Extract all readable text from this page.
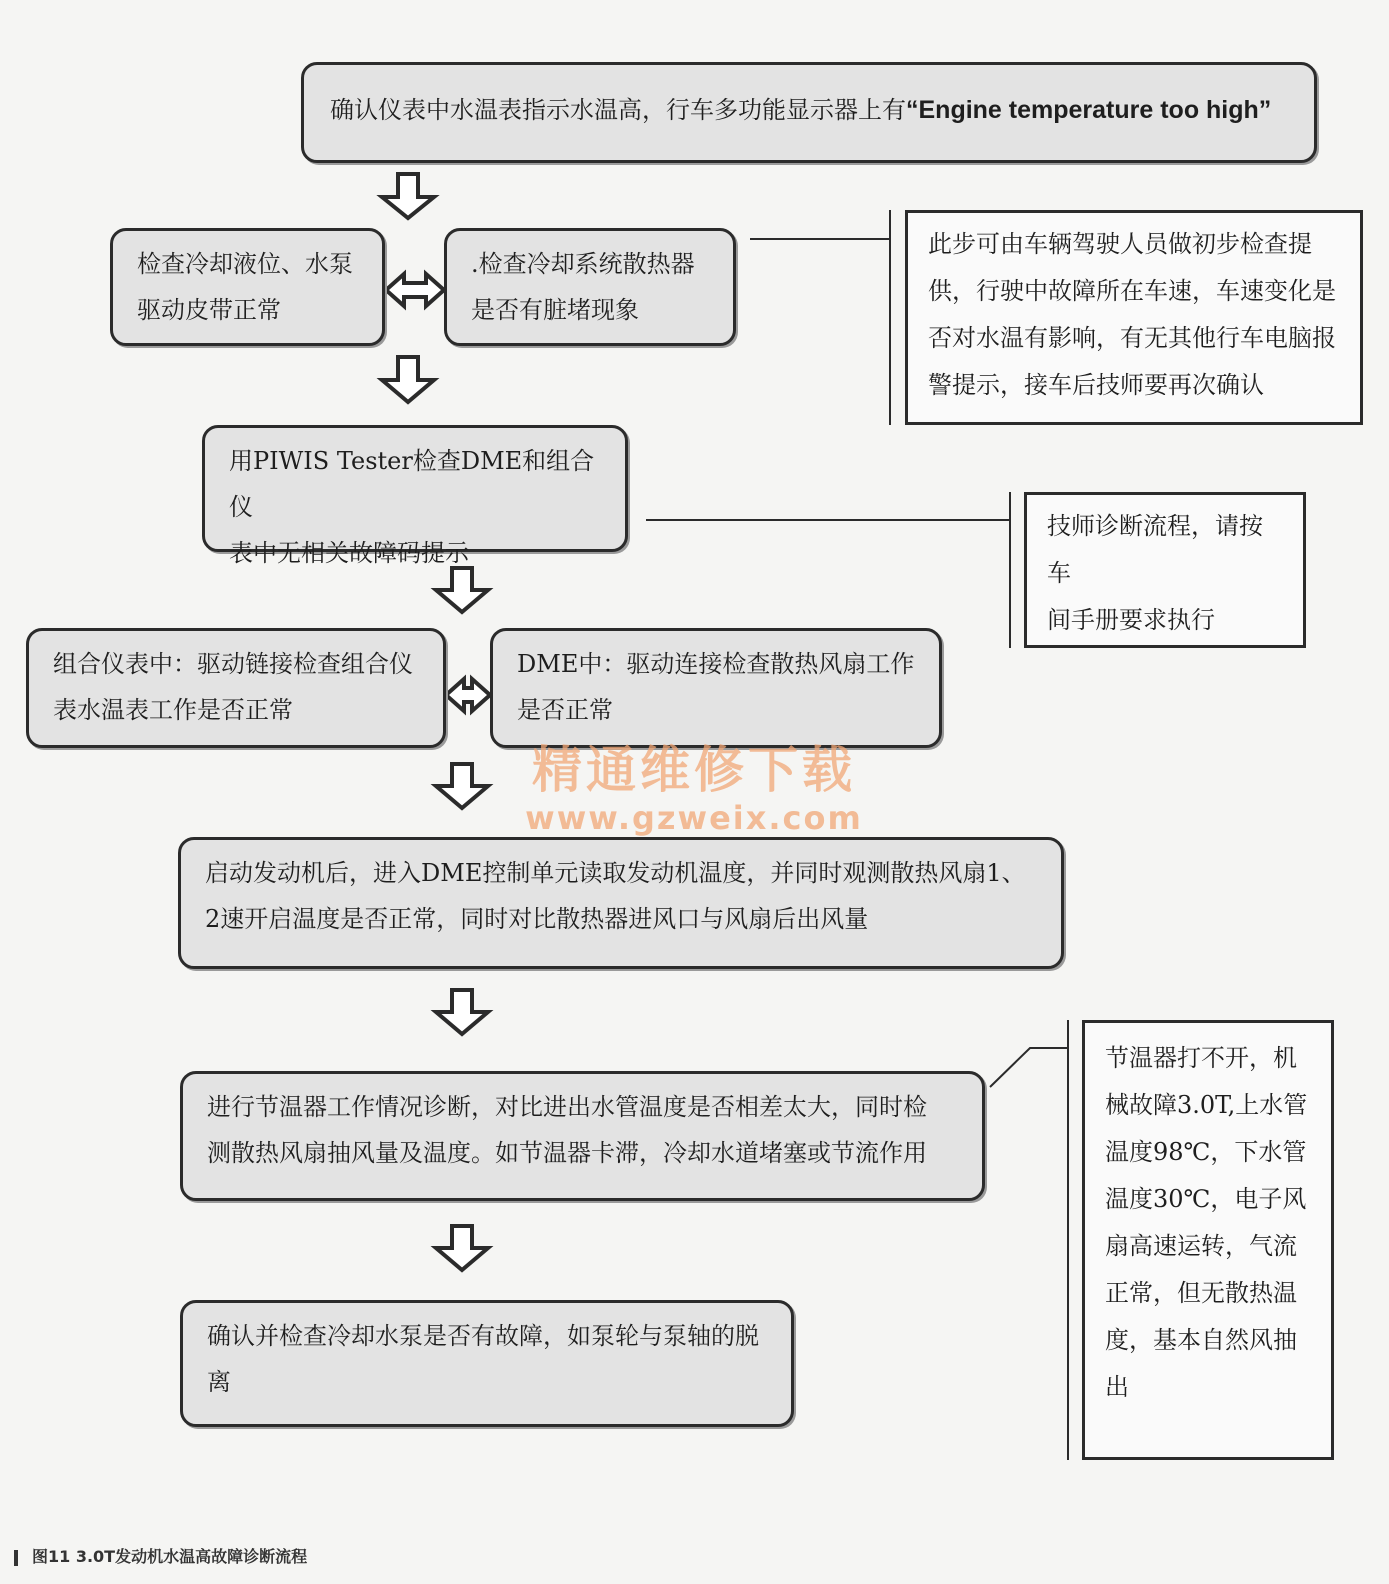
确认仪表中水温表指示水温高，行车多功能显示器上有“Engine temperature too high”
检查冷却液位、水泵
驱动皮带正常
.检查冷却系统散热器
是否有脏堵现象
此步可由车辆驾驶人员做初步检查提
供，行驶中故障所在车速，车速变化是
否对水温有影响，有无其他行车电脑报
警提示，接车后技师要再次确认
用PIWIS Tester检查DME和组合仪
表中无相关故障码提示
技师诊断流程，请按车
间手册要求执行
组合仪表中：驱动链接检查组合仪
表水温表工作是否正常
DME中：驱动连接检查散热风扇工作
是否正常
精通维修下载
www.gzweix.com
启动发动机后，进入DME控制单元读取发动机温度，并同时观测散热风扇1、
2速开启温度是否正常，同时对比散热器进风口与风扇后出风量
进行节温器工作情况诊断，对比进出水管温度是否相差太大，同时检
测散热风扇抽风量及温度。如节温器卡滞，冷却水道堵塞或节流作用
节温器打不开，机
械故障3.0T,上水管
温度98℃，下水管
温度30℃，电子风
扇高速运转，气流
正常，但无散热温
度，基本自然风抽
出
确认并检查冷却水泵是否有故障，如泵轮与泵轴的脱
离
图11 3.0T发动机水温高故障诊断流程
